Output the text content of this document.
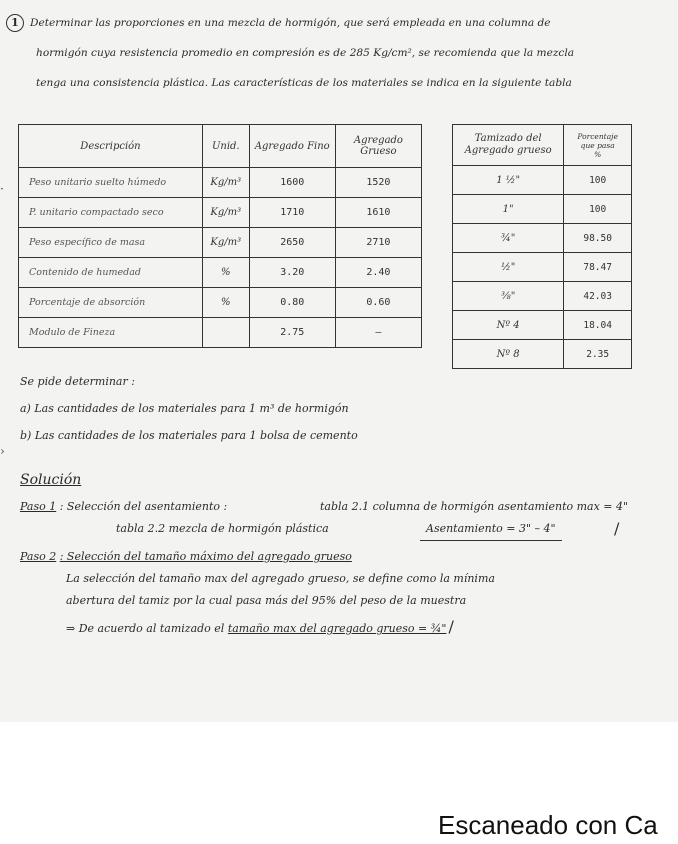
1 Determinar las proporciones en una mezcla de hormigón, que será empleada en una columna de
hormigón cuya resistencia promedio en compresión es de 285 Kg/cm², se recomienda que la mezcla
tenga una consistencia plástica. Las características de los materiales se indica en la siguiente tabla
Descripción	Unid.	Agregado Fino	Agregado Grueso
Peso unitario suelto húmedo	Kg/m³	1600	1520
P. unitario compactado seco	Kg/m³	1710	1610
Peso específico de masa	Kg/m³	2650	2710
Contenido de humedad	%	3.20	2.40
Porcentaje de absorción	%	0.80	0.60
Modulo de Fineza		2.75	—
Tamizado del
Agregado grueso	Porcentaje
que pasa
%

1 ½"	100
1"	100
¾"	98.50
½"	78.47
⅜"	42.03
Nº 4	18.04
Nº 8	2.35
Se pide determinar :
a) Las cantidades de los materiales para 1 m³ de hormigón
b) Las cantidades de los materiales para 1 bolsa de cemento
Solución
Paso 1 : Selección del asentamiento :	tabla 2.1 columna de hormigón asentamiento max = 4"
tabla 2.2 mezcla de hormigón plástica	Asentamiento = 3" – 4"	/
Paso 2 : Selección del tamaño máximo del agregado grueso
La selección del tamaño max del agregado grueso, se define como la mínima
abertura del tamiz por la cual pasa más del 95% del peso de la muestra
⇒ De acuerdo al tamizado el tamaño max del agregado grueso = ¾" /
·
›
Escaneado con Ca
